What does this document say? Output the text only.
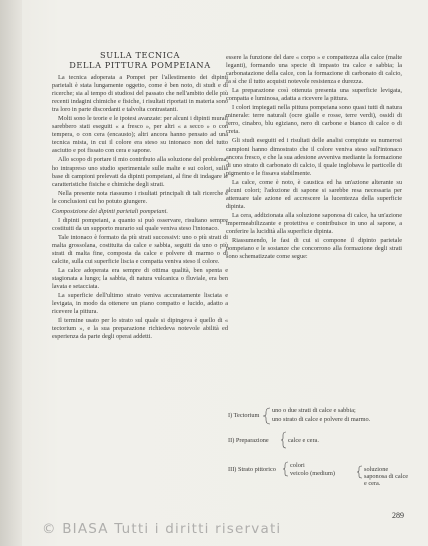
SULLA TECNICA
DELLA PITTURA POMPEIANA

La tecnica adoperata a Pompei per l'allestimento dei dipinti parietali è stata lungamente oggetto, come è ben noto, di studi e di ricerche; sia al tempo di studiosi del passato che nell'ambito delle più recenti indagini chimiche e fisiche, i risultati riportati in materia sono tra loro in parte discordanti e talvolta contrastanti.

Molti sono le teorie e le ipotesi avanzate: per alcuni i dipinti murali sarebbero stati eseguiti « a fresco », per altri « a secco » o con tempera, o con cera (encausto); altri ancora hanno pensato ad una tecnica mista, in cui il colore era steso su intonaco non del tutto asciutto e poi fissato con cera e sapone.

Allo scopo di portare il mio contributo alla soluzione del problema, ho intrapreso uno studio sperimentale sulle malte e sui colori, sulla base di campioni prelevati da dipinti pompeiani, al fine di indagare le caratteristiche fisiche e chimiche degli strati.

Nella presente nota riassumo i risultati principali di tali ricerche e le conclusioni cui ho potuto giungere.

Composizione dei dipinti parietali pompeiani.

I dipinti pompeiani, a quanto si può osservare, risultano sempre costituiti da un supporto murario sul quale veniva steso l'intonaco.

Tale intonaco è formato da più strati successivi: uno o più strati di malta grossolana, costituita da calce e sabbia, seguiti da uno o più strati di malta fine, composta da calce e polvere di marmo o di calcite, sulla cui superficie liscia e compatta veniva steso il colore.

La calce adoperata era sempre di ottima qualità, ben spenta e stagionata a lungo; la sabbia, di natura vulcanica o fluviale, era ben lavata e setacciata.

La superficie dell'ultimo strato veniva accuratamente lisciata e levigata, in modo da ottenere un piano compatto e lucido, adatto a ricevere la pittura.

Il termine usato per lo strato sul quale si dipingeva è quello di « tectorium », e la sua preparazione richiedeva notevole abilità ed esperienza da parte degli operai addetti.

essere la funzione del dare « corpo » e compattezza alla calce (malte leganti), formando una specie di impasto tra calce e sabbia; la carbonatazione della calce, con la formazione di carbonato di calcio, fa sì che il tutto acquisti notevole resistenza e durezza.

La preparazione così ottenuta presenta una superficie levigata, compatta e luminosa, adatta a ricevere la pittura.

I colori impiegati nella pittura pompeiana sono quasi tutti di natura minerale: terre naturali (ocre gialle e rosse, terre verdi), ossidi di ferro, cinabro, blu egiziano, nero di carbone e bianco di calce o di creta.

Gli studi eseguiti ed i risultati delle analisi compiute su numerosi campioni hanno dimostrato che il colore veniva steso sull'intonaco ancora fresco, e che la sua adesione avveniva mediante la formazione di uno strato di carbonato di calcio, il quale inglobava le particelle di pigmento e le fissava stabilmente.

La calce, come è noto, è caustica ed ha un'azione alterante su alcuni colori; l'adozione di sapone si sarebbe resa necessaria per attenuare tale azione ed accrescere la lucentezza della superficie dipinta.

La cera, addizionata alla soluzione saponosa di calce, ha un'azione impermeabilizzante e protettiva e contribuisce in uno al sapone, a conferire la lucidità alla superficie dipinta.

Riassumendo, le fasi di cui si compone il dipinto parietale pompeiano e le sostanze che concorrono alla formazione degli strati sono schematizzate come segue:

I) Tectorium
uno o due strati di calce e sabbia;
uno strato di calce e polvere di marmo.
II) Preparazione	calce e cera.
III) Strato pittorico
colori
veicolo (medium)
soluzione saponosa di calce e cera.
289
© BIASA Tutti i diritti riservati
